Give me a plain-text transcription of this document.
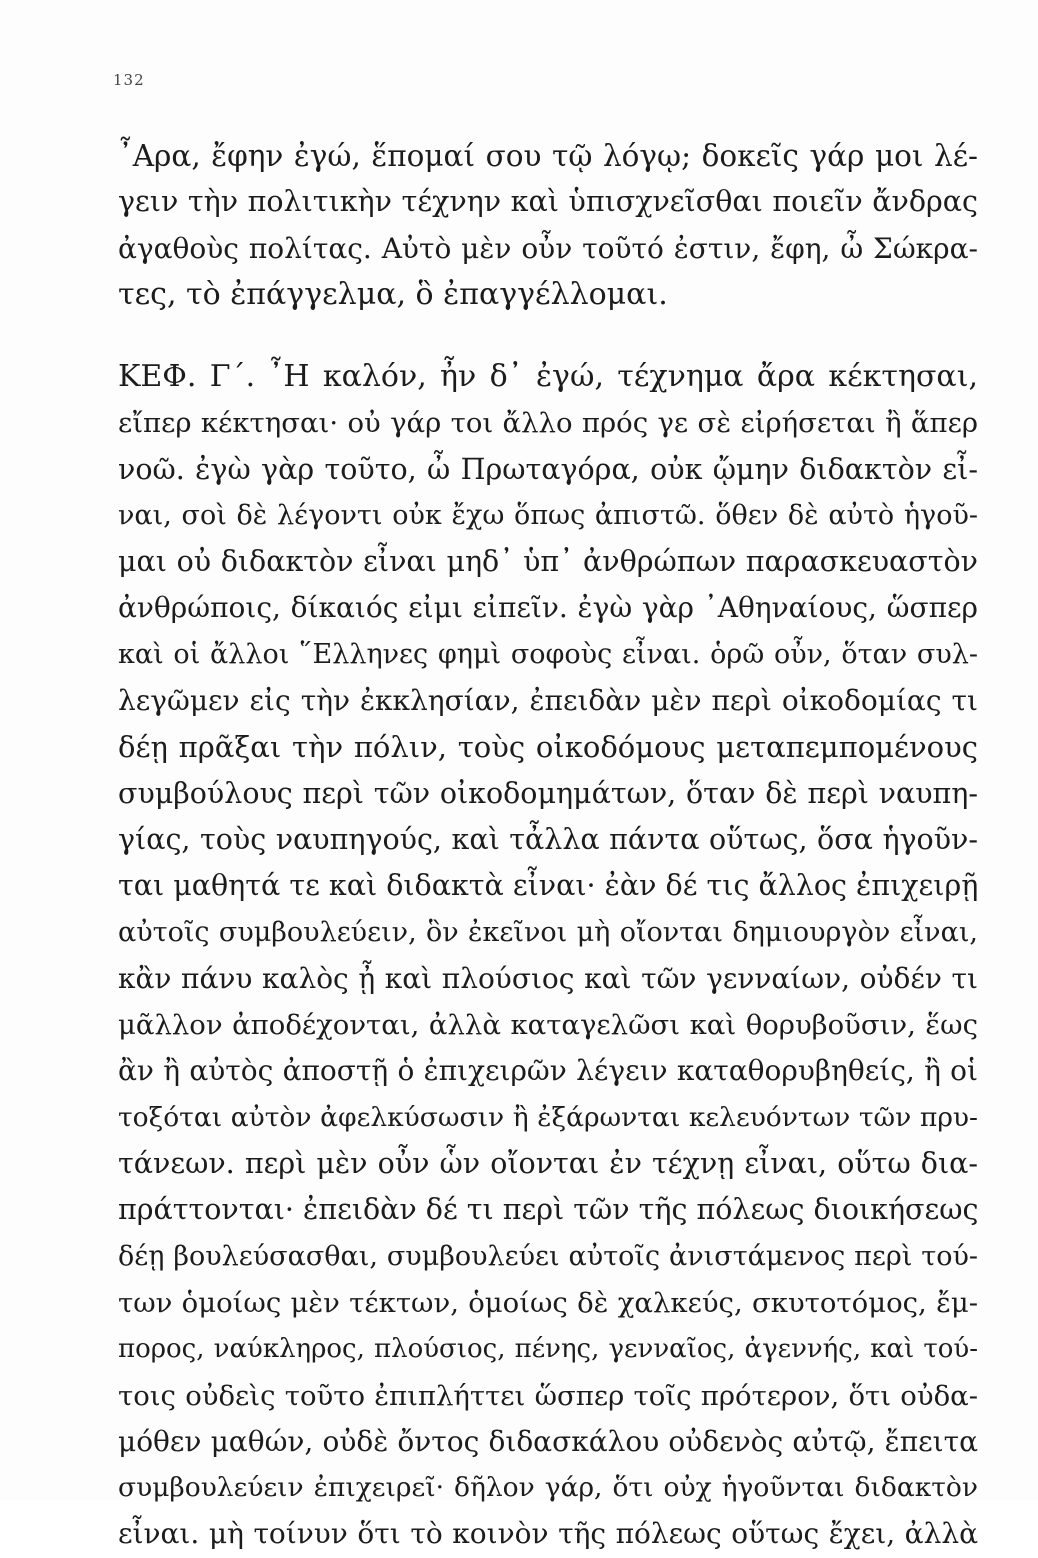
132
῏Αρα, ἔφην ἐγώ, ἕπομαί σου τῷ λόγῳ; δοκεῖς γάρ μοι λέ-
γειν τὴν πολιτικὴν τέχνην καὶ ὑπισχνεῖσθαι ποιεῖν ἄνδρας
ἀγαθοὺς πολίτας. Αὐτὸ μὲν οὖν τοῦτό ἐστιν, ἔφη, ὦ Σώκρα-
τες, τὸ ἐπάγγελμα, ὃ ἐπαγγέλλομαι.
ΚΕΦ. Γ΄. ῏Η καλόν, ἦν δ᾽ ἐγώ, τέχνημα ἄρα κέκτησαι,
εἴπερ κέκτησαι· οὐ γάρ τοι ἄλλο πρός γε σὲ εἰρήσεται ἢ ἅπερ
νοῶ. ἐγὼ γὰρ τοῦτο, ὦ Πρωταγόρα, οὐκ ᾤμην διδακτὸν εἶ-
ναι, σοὶ δὲ λέγοντι οὐκ ἔχω ὅπως ἀπιστῶ. ὅθεν δὲ αὐτὸ ἡγοῦ-
μαι οὐ διδακτὸν εἶναι μηδ᾽ ὑπ᾽ ἀνθρώπων παρασκευαστὸν
ἀνθρώποις, δίκαιός εἰμι εἰπεῖν. ἐγὼ γὰρ ᾽Αθηναίους, ὥσπερ
καὶ οἱ ἄλλοι ῞Ελληνες φημὶ σοφοὺς εἶναι. ὁρῶ οὖν, ὅταν συλ-
λεγῶμεν εἰς τὴν ἐκκλησίαν, ἐπειδὰν μὲν περὶ οἰκοδομίας τι
δέῃ πρᾶξαι τὴν πόλιν, τοὺς οἰκοδόμους μεταπεμπομένους
συμβούλους περὶ τῶν οἰκοδομημάτων, ὅταν δὲ περὶ ναυπη-
γίας, τοὺς ναυπηγούς, καὶ τἆλλα πάντα οὕτως, ὅσα ἡγοῦν-
ται μαθητά τε καὶ διδακτὰ εἶναι· ἐὰν δέ τις ἄλλος ἐπιχειρῇ
αὐτοῖς συμβουλεύειν, ὃν ἐκεῖνοι μὴ οἴονται δημιουργὸν εἶναι,
κἂν πάνυ καλὸς ᾖ καὶ πλούσιος καὶ τῶν γενναίων, οὐδέν τι
μᾶλλον ἀποδέχονται, ἀλλὰ καταγελῶσι καὶ θορυβοῦσιν, ἕως
ἂν ἢ αὐτὸς ἀποστῇ ὁ ἐπιχειρῶν λέγειν καταθορυβηθείς, ἢ οἱ
τοξόται αὐτὸν ἀφελκύσωσιν ἢ ἐξάρωνται κελευόντων τῶν πρυ-
τάνεων. περὶ μὲν οὖν ὧν οἴονται ἐν τέχνῃ εἶναι, οὕτω δια-
πράττονται· ἐπειδὰν δέ τι περὶ τῶν τῆς πόλεως διοικήσεως
δέῃ βουλεύσασθαι, συμβουλεύει αὐτοῖς ἀνιστάμενος περὶ τού-
των ὁμοίως μὲν τέκτων, ὁμοίως δὲ χαλκεύς, σκυτοτόμος, ἔμ-
πορος, ναύκληρος, πλούσιος, πένης, γενναῖος, ἀγεννής, καὶ τού-
τοις οὐδεὶς τοῦτο ἐπιπλήττει ὥσπερ τοῖς πρότερον, ὅτι οὐδα-
μόθεν μαθών, οὐδὲ ὄντος διδασκάλου οὐδενὸς αὐτῷ, ἔπειτα
συμβουλεύειν ἐπιχειρεῖ· δῆλον γάρ, ὅτι οὐχ ἡγοῦνται διδακτὸν
εἶναι. μὴ τοίνυν ὅτι τὸ κοινὸν τῆς πόλεως οὕτως ἔχει, ἀλλὰ
